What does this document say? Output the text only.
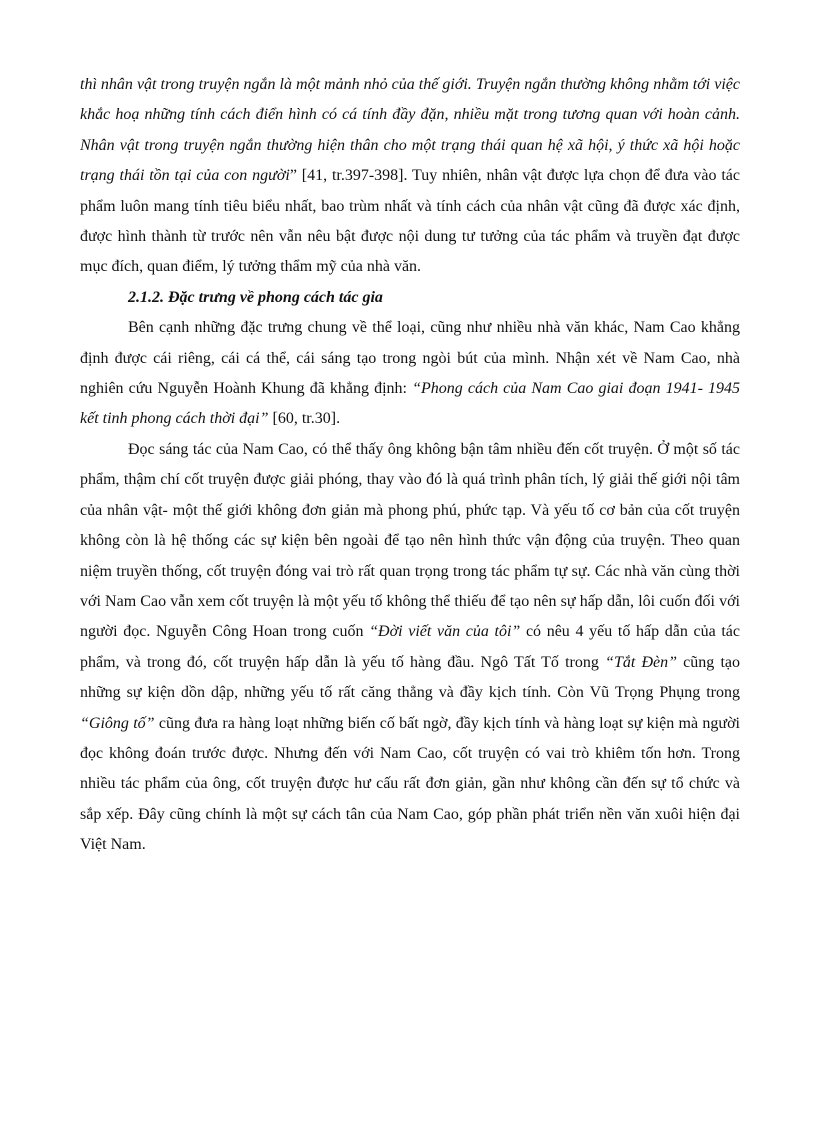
thì nhân vật trong truyện ngắn là một mảnh nhỏ của thế giới. Truyện ngắn thường không nhằm tới việc khắc hoạ những tính cách điển hình có cá tính đầy đặn, nhiều mặt trong tương quan với hoàn cảnh. Nhân vật trong truyện ngắn thường hiện thân cho một trạng thái quan hệ xã hội, ý thức xã hội hoặc trạng thái tồn tại của con người” [41, tr.397-398]. Tuy nhiên, nhân vật được lựa chọn để đưa vào tác phẩm luôn mang tính tiêu biểu nhất, bao trùm nhất và tính cách của nhân vật cũng đã được xác định, được hình thành từ trước nên vẫn nêu bật được nội dung tư tưởng của tác phẩm và truyền đạt được mục đích, quan điểm, lý tưởng thẩm mỹ của nhà văn.

2.1.2. Đặc trưng về phong cách tác gia

Bên cạnh những đặc trưng chung về thể loại, cũng như nhiều nhà văn khác, Nam Cao khẳng định được cái riêng, cái cá thể, cái sáng tạo trong ngòi bút của mình. Nhận xét về Nam Cao, nhà nghiên cứu Nguyễn Hoành Khung đã khẳng định: “Phong cách của Nam Cao giai đoạn 1941- 1945 kết tinh phong cách thời đại” [60, tr.30].

Đọc sáng tác của Nam Cao, có thể thấy ông không bận tâm nhiều đến cốt truyện. Ở một số tác phẩm, thậm chí cốt truyện được giải phóng, thay vào đó là quá trình phân tích, lý giải thế giới nội tâm của nhân vật- một thế giới không đơn giản mà phong phú, phức tạp. Và yếu tố cơ bản của cốt truyện không còn là hệ thống các sự kiện bên ngoài để tạo nên hình thức vận động của truyện. Theo quan niệm truyền thống, cốt truyện đóng vai trò rất quan trọng trong tác phẩm tự sự. Các nhà văn cùng thời với Nam Cao vẫn xem cốt truyện là một yếu tố không thể thiếu để tạo nên sự hấp dẫn, lôi cuốn đối với người đọc. Nguyễn Công Hoan trong cuốn “Đời viết văn của tôi” có nêu 4 yếu tố hấp dẫn của tác phẩm, và trong đó, cốt truyện hấp dẫn là yếu tố hàng đầu. Ngô Tất Tố trong “Tắt Đèn” cũng tạo những sự kiện dồn dập, những yếu tố rất căng thẳng và đầy kịch tính. Còn Vũ Trọng Phụng trong “Giông tố” cũng đưa ra hàng loạt những biến cố bất ngờ, đầy kịch tính và hàng loạt sự kiện mà người đọc không đoán trước được. Nhưng đến với Nam Cao, cốt truyện có vai trò khiêm tốn hơn. Trong nhiều tác phẩm của ông, cốt truyện được hư cấu rất đơn giản, gần như không cần đến sự tổ chức và sắp xếp. Đây cũng chính là một sự cách tân của Nam Cao, góp phần phát triển nền văn xuôi hiện đại Việt Nam.
